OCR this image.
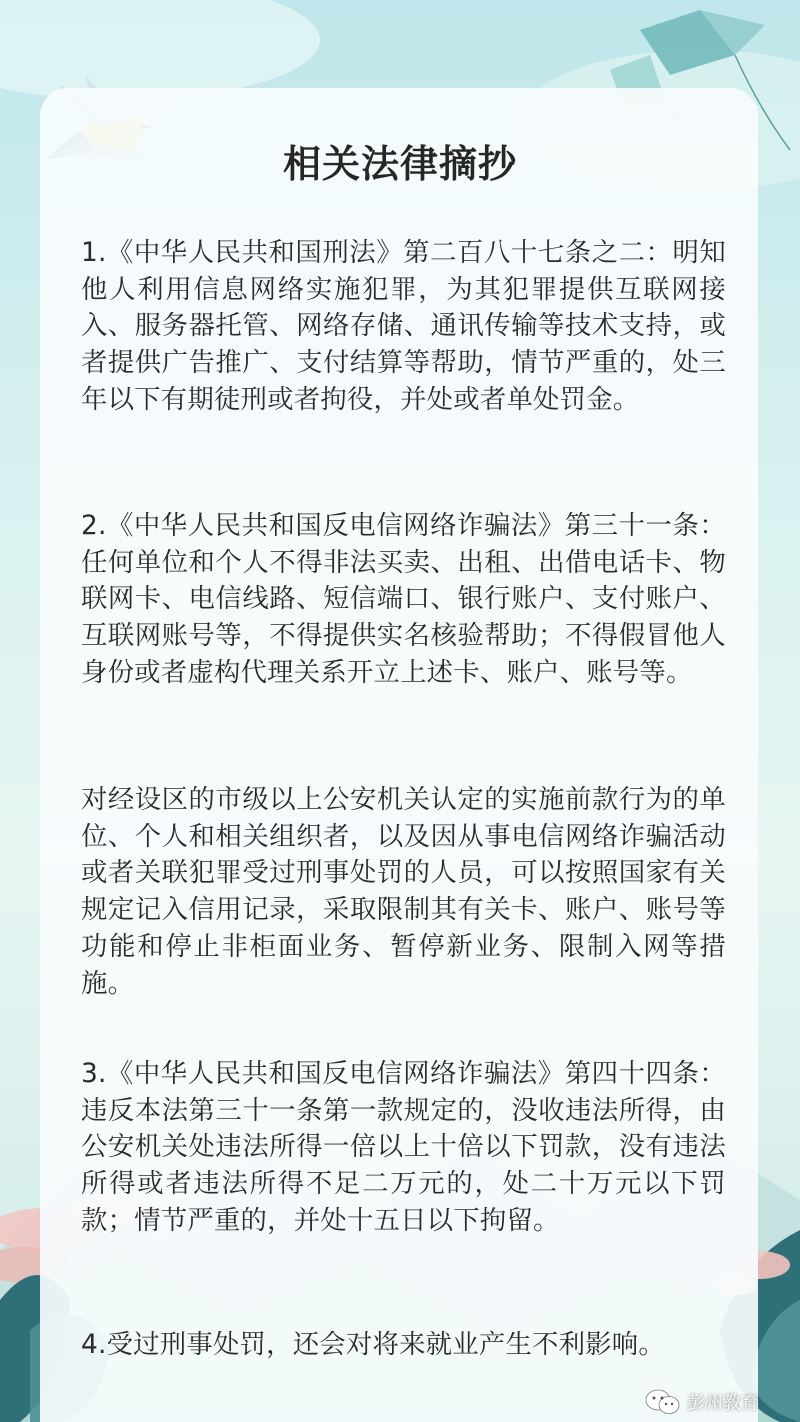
相关法律摘抄

1.《中华人民共和国刑法》第二百八十七条之二：明知他人利用信息网络实施犯罪，为其犯罪提供互联网接入、服务器托管、网络存储、通讯传输等技术支持，或者提供广告推广、支付结算等帮助，情节严重的，处三年以下有期徒刑或者拘役，并处或者单处罚金。

2.《中华人民共和国反电信网络诈骗法》第三十一条：任何单位和个人不得非法买卖、出租、出借电话卡、物联网卡、电信线路、短信端口、银行账户、支付账户、互联网账号等，不得提供实名核验帮助；不得假冒他人身份或者虚构代理关系开立上述卡、账户、账号等。

对经设区的市级以上公安机关认定的实施前款行为的单位、个人和相关组织者，以及因从事电信网络诈骗活动或者关联犯罪受过刑事处罚的人员，可以按照国家有关规定记入信用记录，采取限制其有关卡、账户、账号等功能和停止非柜面业务、暂停新业务、限制入网等措施。

3.《中华人民共和国反电信网络诈骗法》第四十四条：违反本法第三十一条第一款规定的，没收违法所得，由公安机关处违法所得一倍以上十倍以下罚款，没有违法所得或者违法所得不足二万元的，处二十万元以下罚款；情节严重的，并处十五日以下拘留。

4.受过刑事处罚，还会对将来就业产生不利影响。

彭州教育
